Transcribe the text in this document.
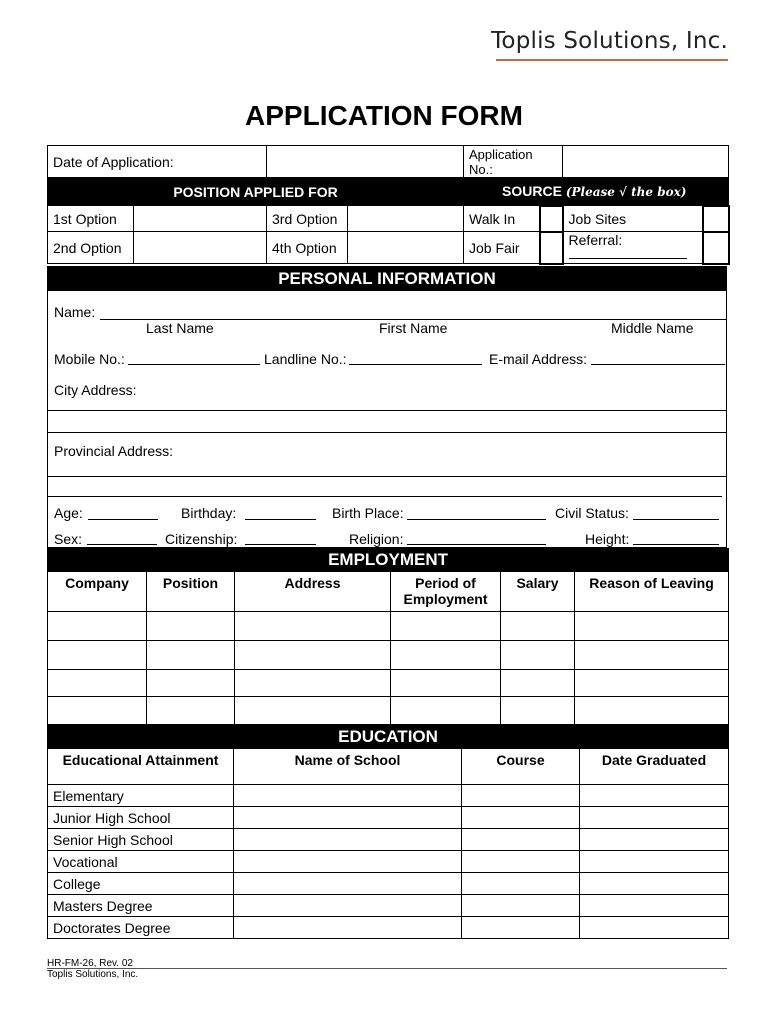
Toplis Solutions, Inc.
APPLICATION FORM
Date of Application:				Application
No.:			
POSITION APPLIED FOR				SOURCE (Please √ the box)			
1st Option		3rd Option		Walk In		Job Sites	
2nd Option		4th Option		Job Fair		Referral:

PERSONAL INFORMATION
Name:
Last Name	First Name	Middle Name
Mobile No.:	Landline No.:	E-mail Address:
City Address:
Provincial Address:
Age:	Birthday:	Birth Place:	Civil Status:
Sex:	Citizenship:	Religion:	Height:
EMPLOYMENT					
Company	Position	Address	Period of Employment	Salary	Reason of Leaving

EDUCATION			
Educational Attainment	Name of School	Course	Date Graduated
Elementary			
Junior High School			
Senior High School			
Vocational			
College			
Masters Degree			
Doctorates Degree			
HR-FM-26, Rev. 02
Toplis Solutions, Inc.
